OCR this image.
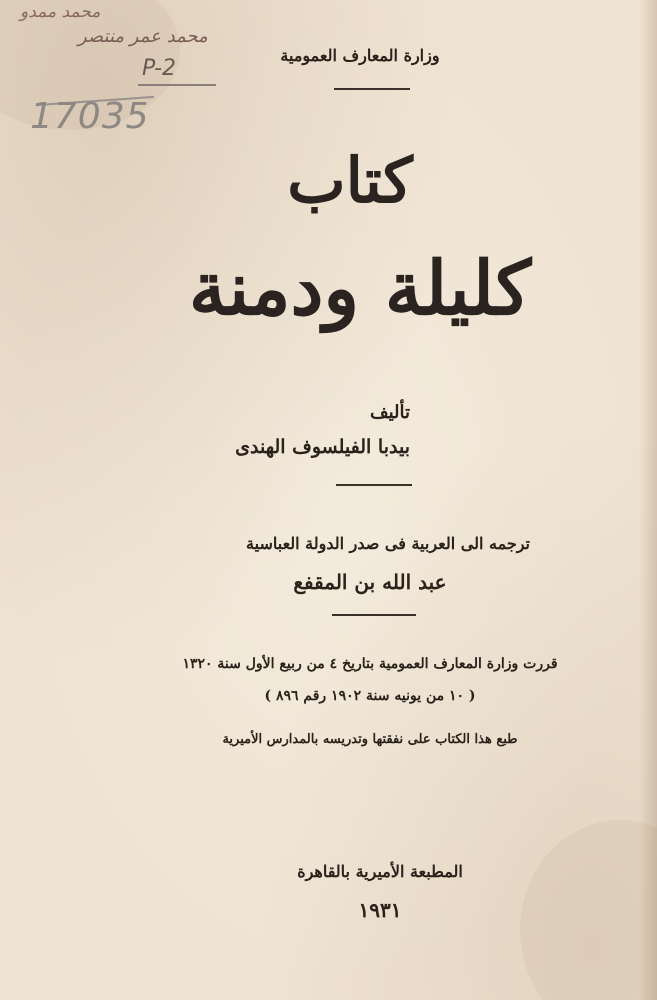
محمد ممدو
محمد عمر منتصر
P-2
17035
وزارة المعارف العمومية
كتاب
كليلة ودمنة
تأليف
بيدبا الفيلسوف الهندى
ترجمه الى العربية فى صدر الدولة العباسية
عبد الله بن المقفع
قررت وزارة المعارف العمومية بتاريخ ٤ من ربيع الأول سنة ١٣٢٠
( ١٠ من يونيه سنة ١٩٠٢ رقم ٨٩٦ )
طبع هذا الكتاب على نفقتها وتدريسه بالمدارس الأميرية
المطبعة الأميرية بالقاهرة
١٩٣١
